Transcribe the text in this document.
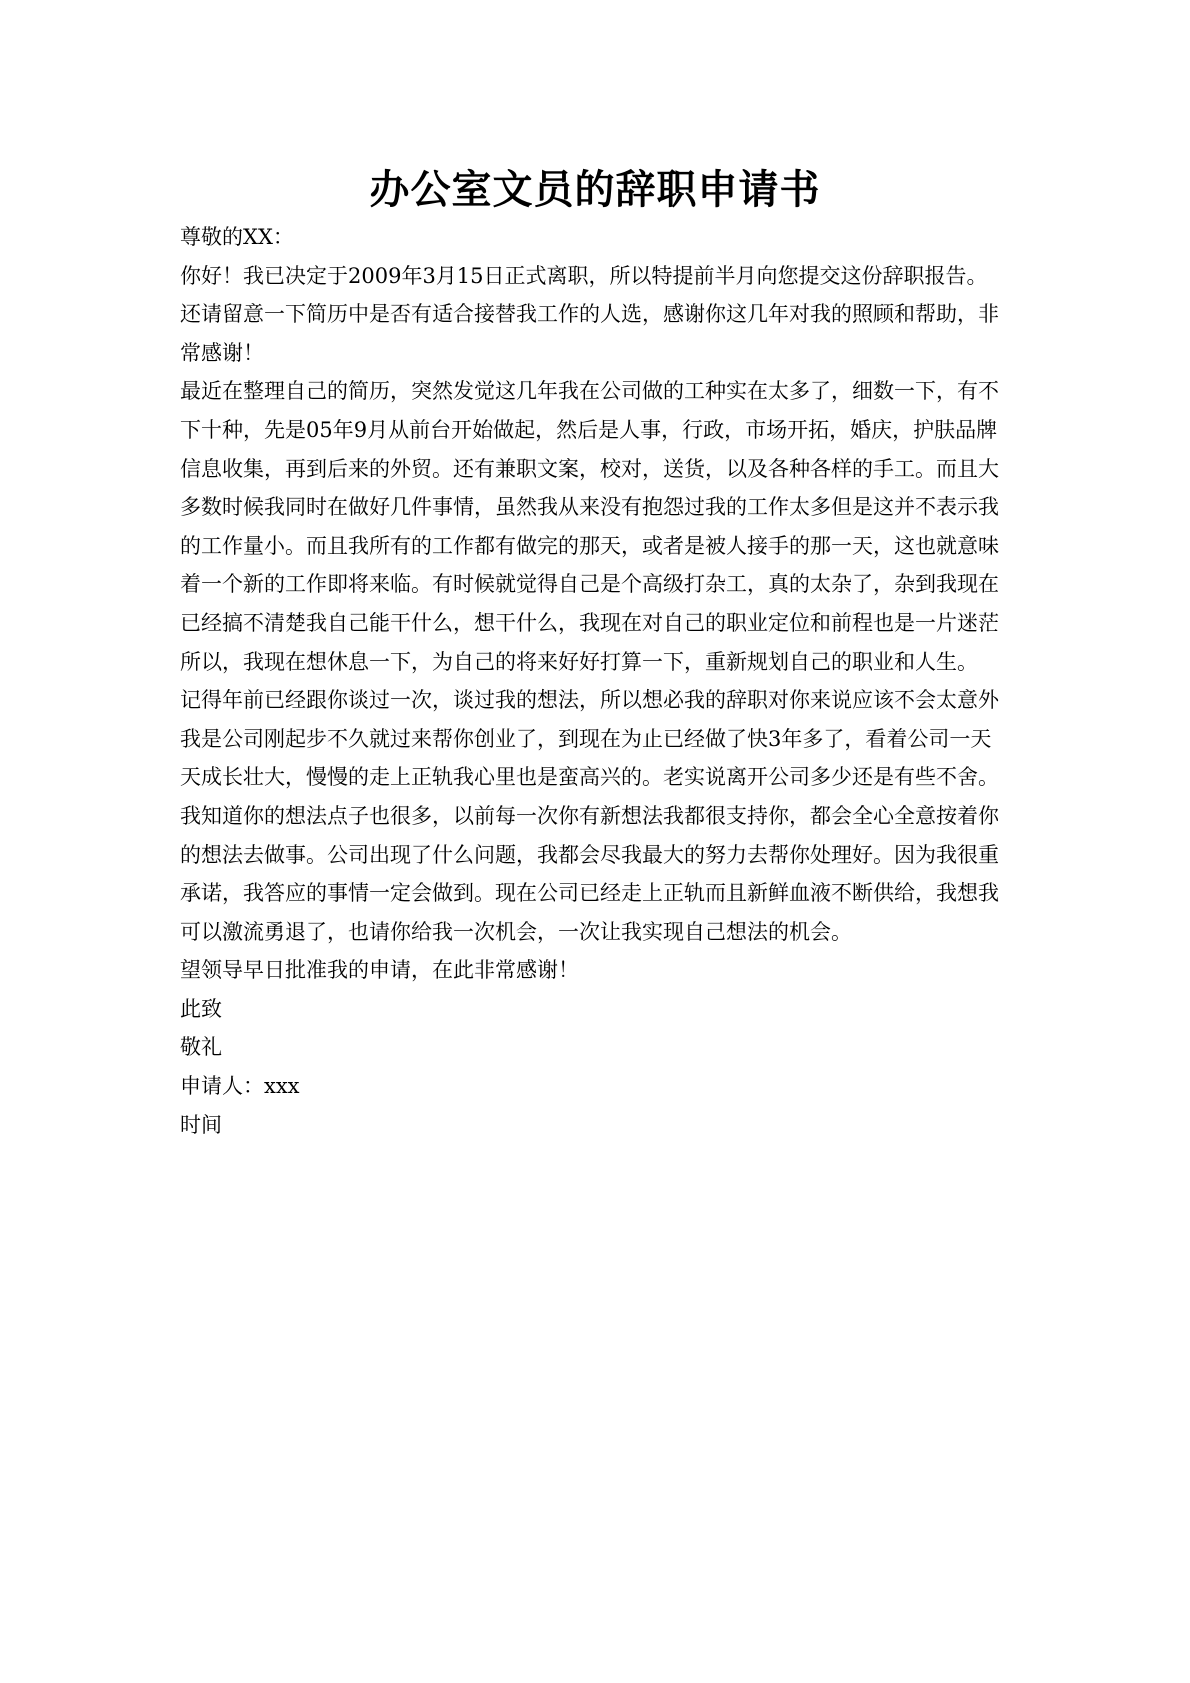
办公室文员的辞职申请书
尊敬的XX：
你好！我已决定于2009年3月15日正式离职，所以特提前半月向您提交这份辞职报告。
还请留意一下简历中是否有适合接替我工作的人选，感谢你这几年对我的照顾和帮助，非
常感谢！
最近在整理自己的简历，突然发觉这几年我在公司做的工种实在太多了，细数一下，有不
下十种，先是05年9月从前台开始做起，然后是人事，行政，市场开拓，婚庆，护肤品牌
信息收集，再到后来的外贸。还有兼职文案，校对，送货，以及各种各样的手工。而且大
多数时候我同时在做好几件事情，虽然我从来没有抱怨过我的工作太多但是这并不表示我
的工作量小。而且我所有的工作都有做完的那天，或者是被人接手的那一天，这也就意味
着一个新的工作即将来临。有时候就觉得自己是个高级打杂工，真的太杂了，杂到我现在
已经搞不清楚我自己能干什么，想干什么，我现在对自己的职业定位和前程也是一片迷茫
所以，我现在想休息一下，为自己的将来好好打算一下，重新规划自己的职业和人生。
记得年前已经跟你谈过一次，谈过我的想法，所以想必我的辞职对你来说应该不会太意外
我是公司刚起步不久就过来帮你创业了，到现在为止已经做了快3年多了，看着公司一天
天成长壮大，慢慢的走上正轨我心里也是蛮高兴的。老实说离开公司多少还是有些不舍。
我知道你的想法点子也很多，以前每一次你有新想法我都很支持你，都会全心全意按着你
的想法去做事。公司出现了什么问题，我都会尽我最大的努力去帮你处理好。因为我很重
承诺，我答应的事情一定会做到。现在公司已经走上正轨而且新鲜血液不断供给，我想我
可以激流勇退了，也请你给我一次机会，一次让我实现自己想法的机会。
望领导早日批准我的申请，在此非常感谢！
此致
敬礼
申请人：xxx
时间
